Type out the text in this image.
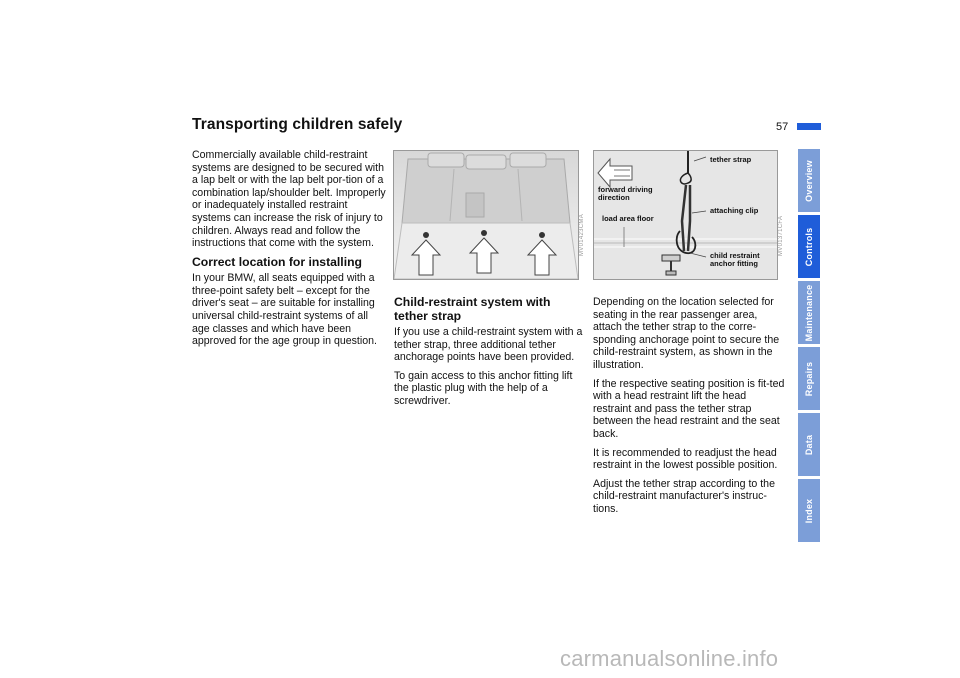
Transporting children safely	57

Commercially available child-restraint systems are designed to be secured with a lap belt or with the lap belt por-tion of a combination lap/shoulder belt. Improperly or inadequately installed restraint systems can increase the risk of injury to children. Always read and follow the instructions that come with the system.

Correct location for installing

In your BMW, all seats equipped with a three-point safety belt – except for the driver's seat – are suitable for installing universal child-restraint systems of all age classes and which have been approved for the age group in question.

MV01423CMA
tether strap
forward driving
direction
load area floor
attaching clip
child restraint
anchor fitting
MV01371CFA
Child-restraint system with tether strap

If you use a child-restraint system with a tether strap, three additional tether anchorage points have been provided.

To gain access to this anchor fitting lift the plastic plug with the help of a screwdriver.

Depending on the location selected for seating in the rear passenger area, attach the tether strap to the corre-sponding anchorage point to secure the child-restraint system, as shown in the illustration.

If the respective seating position is fit-ted with a head restraint lift the head restraint and pass the tether strap between the head restraint and the seat back.

It is recommended to readjust the head restraint in the lowest possible position.

Adjust the tether strap according to the child-restraint manufacturer's instruc-tions.

Overview
Controls
Maintenance
Repairs
Data
Index
carmanualsonline.info
